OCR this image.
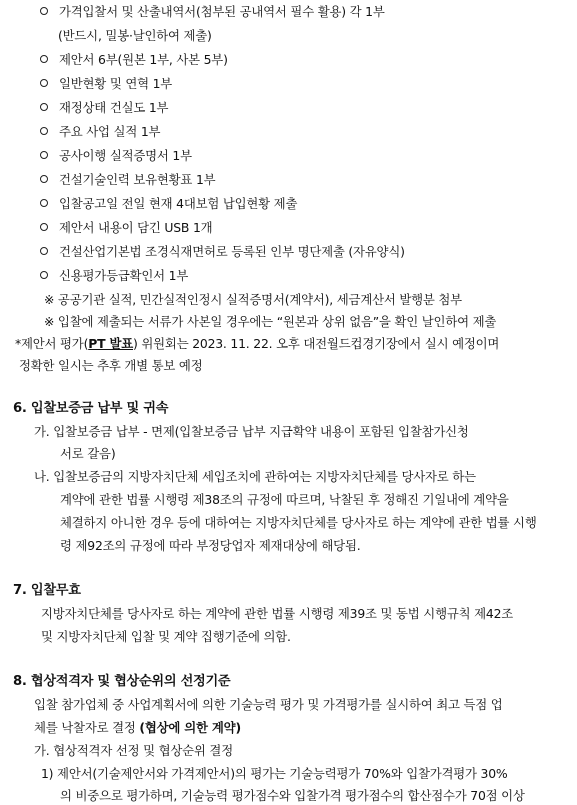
가격입찰서 및 산출내역서(첨부된 공내역서 필수 활용) 각 1부
(반드시, 밀봉·날인하여 제출)
제안서 6부(원본 1부, 사본 5부)
일반현황 및 연혁 1부
재정상태 건실도 1부
주요 사업 실적 1부
공사이행 실적증명서 1부
건설기술인력 보유현황표 1부
입찰공고일 전일 현재 4대보험 납입현황 제출
제안서 내용이 담긴 USB 1개
건설산업기본법 조경식재면허로 등록된 인부 명단제출 (자유양식)
신용평가등급확인서 1부
※ 공공기관 실적, 민간실적인정시 실적증명서(계약서), 세금계산서 발행분 첨부
※ 입찰에 제출되는 서류가 사본일 경우에는 “원본과 상위 없음”을 확인 날인하여 제출
*제안서 평가(PT 발표) 위원회는 2023. 11. 22. 오후 대전월드컵경기장에서 실시 예정이며
정확한 일시는 추후 개별 통보 예정
6. 입찰보증금 납부 및 귀속
가. 입찰보증금 납부 - 면제(입찰보증금 납부 지급확약 내용이 포함된 입찰참가신청
서로 갈음)
나. 입찰보증금의 지방자치단체 세입조치에 관하여는 지방자치단체를 당사자로 하는
계약에 관한 법률 시행령 제38조의 규정에 따르며, 낙찰된 후 정해진 기일내에 계약을
체결하지 아니한 경우 등에 대하여는 지방자치단체를 당사자로 하는 계약에 관한 법률 시행
령 제92조의 규정에 따라 부정당업자 제재대상에 해당됨.
7. 입찰무효
지방자치단체를 당사자로 하는 계약에 관한 법률 시행령 제39조 및 동법 시행규칙 제42조
및 지방자치단체 입찰 및 계약 집행기준에 의함.
8. 협상적격자 및 협상순위의 선정기준
입찰 참가업체 중 사업계획서에 의한 기술능력 평가 및 가격평가를 실시하여 최고 득점 업
체를 낙찰자로 결정 (협상에 의한 계약)
가. 협상적격자 선정 및 협상순위 결정
1) 제안서(기술제안서와 가격제안서)의 평가는 기술능력평가 70%와 입찰가격평가 30%
의 비중으로 평가하며, 기술능력 평가점수와 입찰가격 평가점수의 합산점수가 70점 이상
